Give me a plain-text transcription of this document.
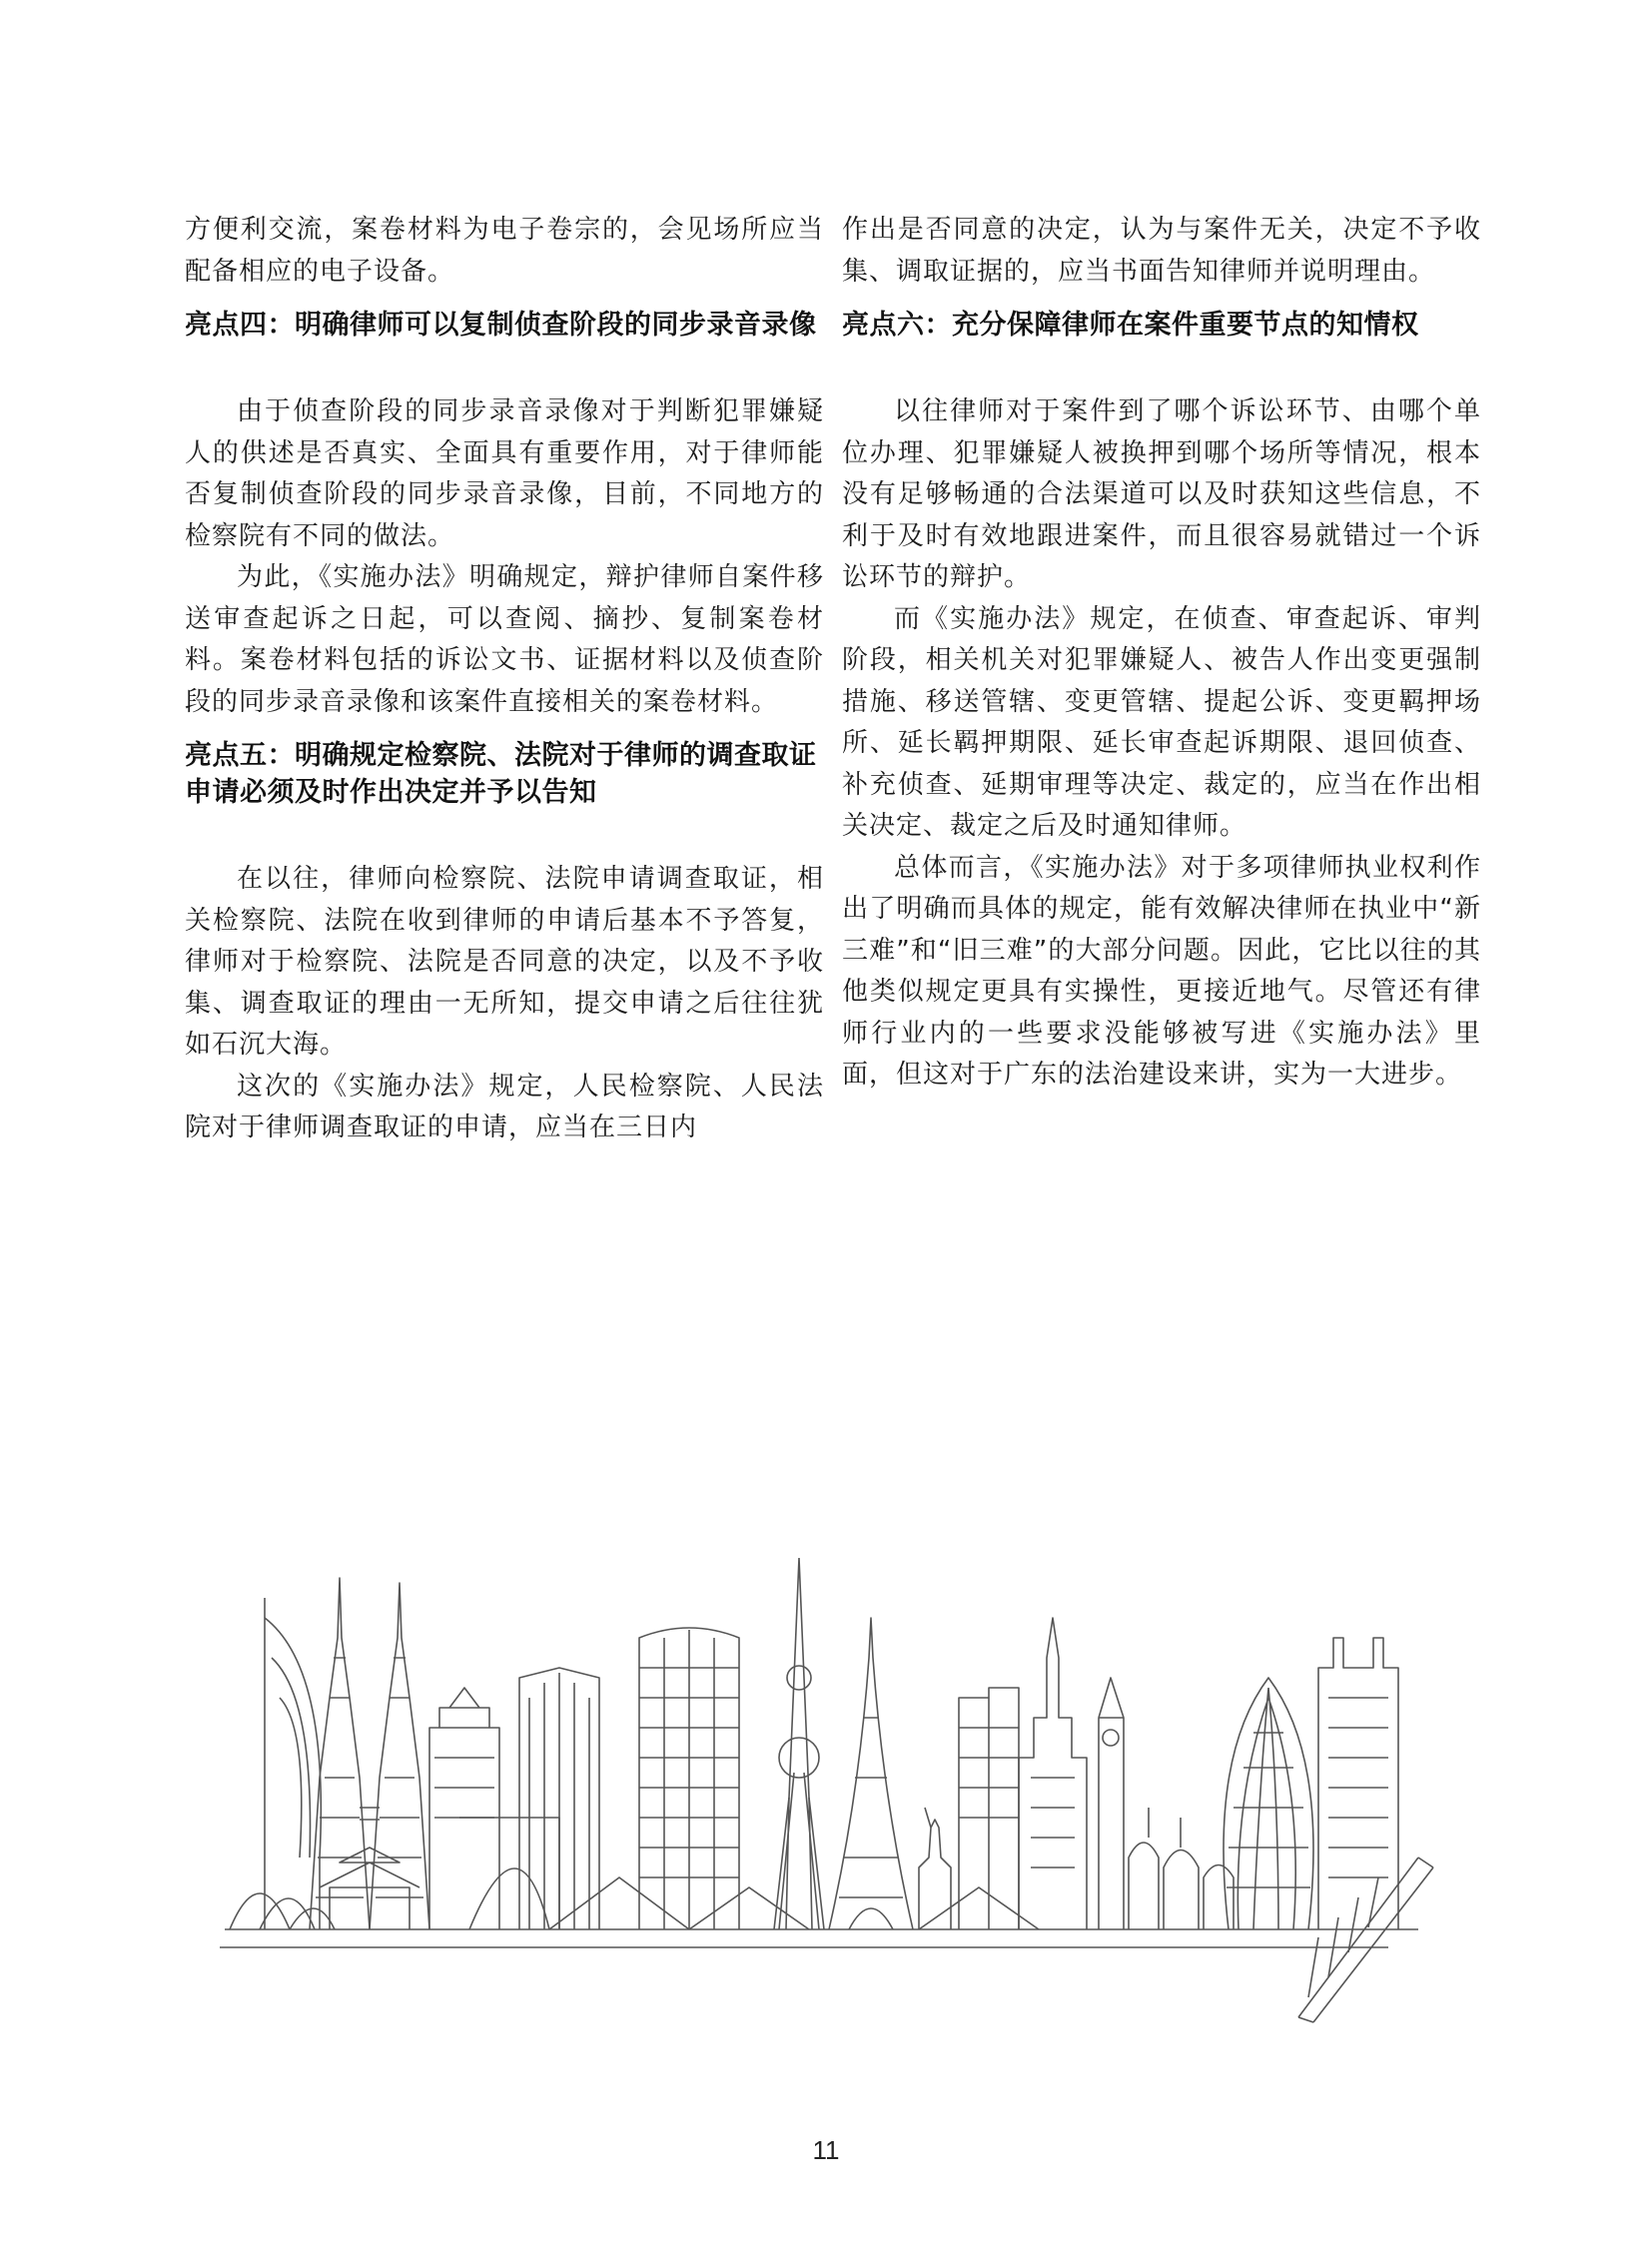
方便利交流，案卷材料为电子卷宗的，会见场所应当配备相应的电子设备。

亮点四：明确律师可以复制侦查阶段的同步录音录像

由于侦查阶段的同步录音录像对于判断犯罪嫌疑人的供述是否真实、全面具有重要作用，对于律师能否复制侦查阶段的同步录音录像，目前，不同地方的检察院有不同的做法。

为此，《实施办法》明确规定，辩护律师自案件移送审查起诉之日起，可以查阅、摘抄、复制案卷材料。案卷材料包括的诉讼文书、证据材料以及侦查阶段的同步录音录像和该案件直接相关的案卷材料。

亮点五：明确规定检察院、法院对于律师的调查取证申请必须及时作出决定并予以告知

在以往，律师向检察院、法院申请调查取证，相关检察院、法院在收到律师的申请后基本不予答复，律师对于检察院、法院是否同意的决定，以及不予收集、调查取证的理由一无所知，提交申请之后往往犹如石沉大海。

这次的《实施办法》规定，人民检察院、人民法院对于律师调查取证的申请，应当在三日内

作出是否同意的决定，认为与案件无关，决定不予收集、调取证据的，应当书面告知律师并说明理由。

亮点六：充分保障律师在案件重要节点的知情权

以往律师对于案件到了哪个诉讼环节、由哪个单位办理、犯罪嫌疑人被换押到哪个场所等情况，根本没有足够畅通的合法渠道可以及时获知这些信息，不利于及时有效地跟进案件，而且很容易就错过一个诉讼环节的辩护。

而《实施办法》规定，在侦查、审查起诉、审判阶段，相关机关对犯罪嫌疑人、被告人作出变更强制措施、移送管辖、变更管辖、提起公诉、变更羁押场所、延长羁押期限、延长审查起诉期限、退回侦查、补充侦查、延期审理等决定、裁定的，应当在作出相关决定、裁定之后及时通知律师。

总体而言，《实施办法》对于多项律师执业权利作出了明确而具体的规定，能有效解决律师在执业中“新三难”和“旧三难”的大部分问题。因此，它比以往的其他类似规定更具有实操性，更接近地气。尽管还有律师行业内的一些要求没能够被写进《实施办法》里面，但这对于广东的法治建设来讲，实为一大进步。

11
